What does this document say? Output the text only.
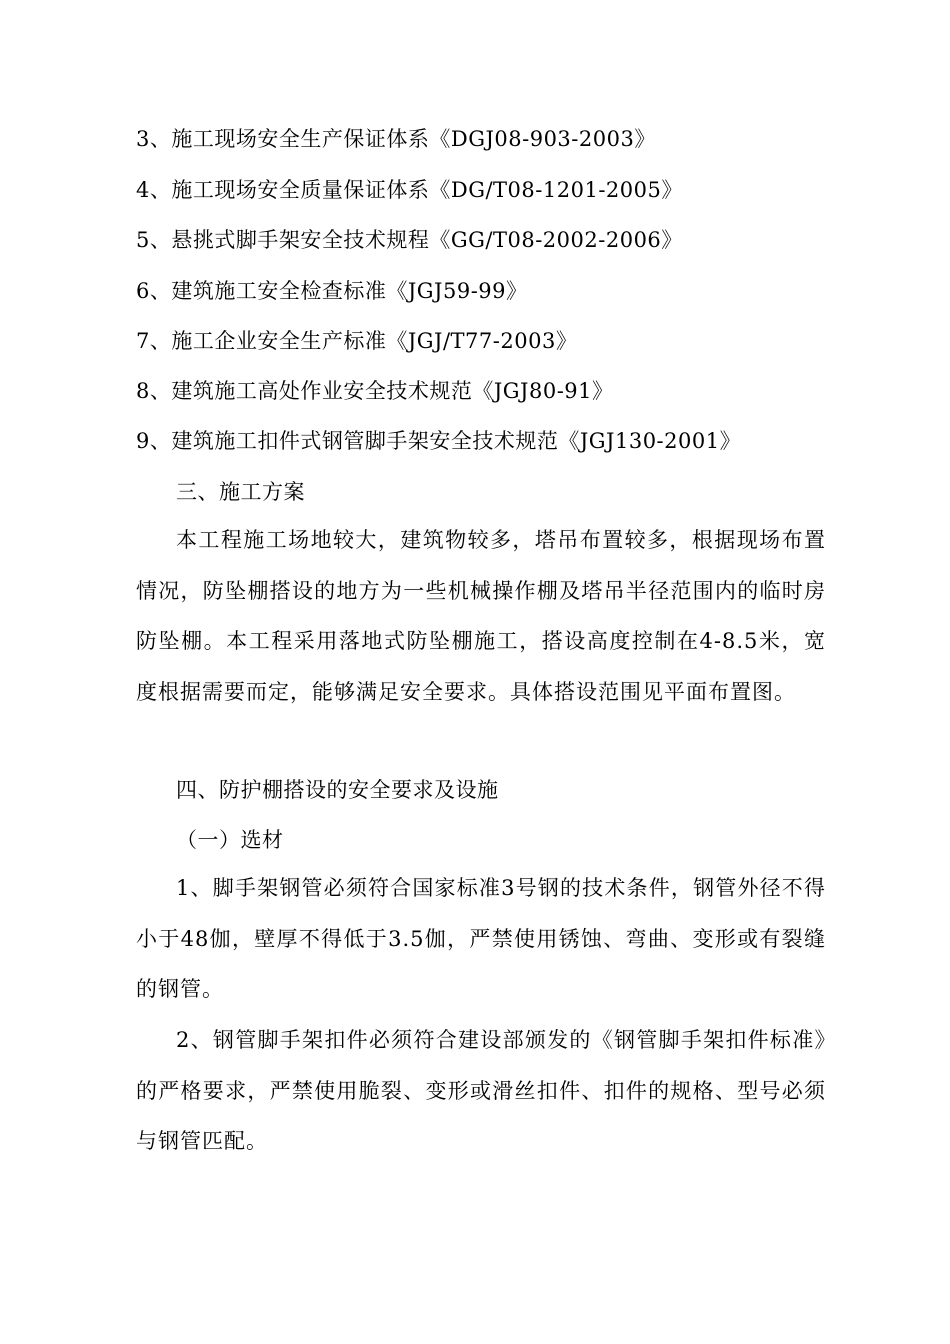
3、施工现场安全生产保证体系《DGJ08-903-2003》
4、施工现场安全质量保证体系《DG/T08-1201-2005》
5、悬挑式脚手架安全技术规程《GG/T08-2002-2006》
6、建筑施工安全检查标准《JGJ59-99》
7、施工企业安全生产标准《JGJ/T77-2003》
8、建筑施工高处作业安全技术规范《JGJ80-91》
9、建筑施工扣件式钢管脚手架安全技术规范《JGJ130-2001》
三、施工方案
本工程施工场地较大，建筑物较多，塔吊布置较多，根据现场布置情况，防坠棚搭设的地方为一些机械操作棚及塔吊半径范围内的临时房防坠棚。本工程采用落地式防坠棚施工，搭设高度控制在4-8.5米，宽度根据需要而定，能够满足安全要求。具体搭设范围见平面布置图。
四、防护棚搭设的安全要求及设施
（一）选材
1、脚手架钢管必须符合国家标准3号钢的技术条件，钢管外径不得小于48伽，壁厚不得低于3.5伽，严禁使用锈蚀、弯曲、变形或有裂缝的钢管。
2、钢管脚手架扣件必须符合建设部颁发的《钢管脚手架扣件标准》的严格要求，严禁使用脆裂、变形或滑丝扣件、扣件的规格、型号必须与钢管匹配。
